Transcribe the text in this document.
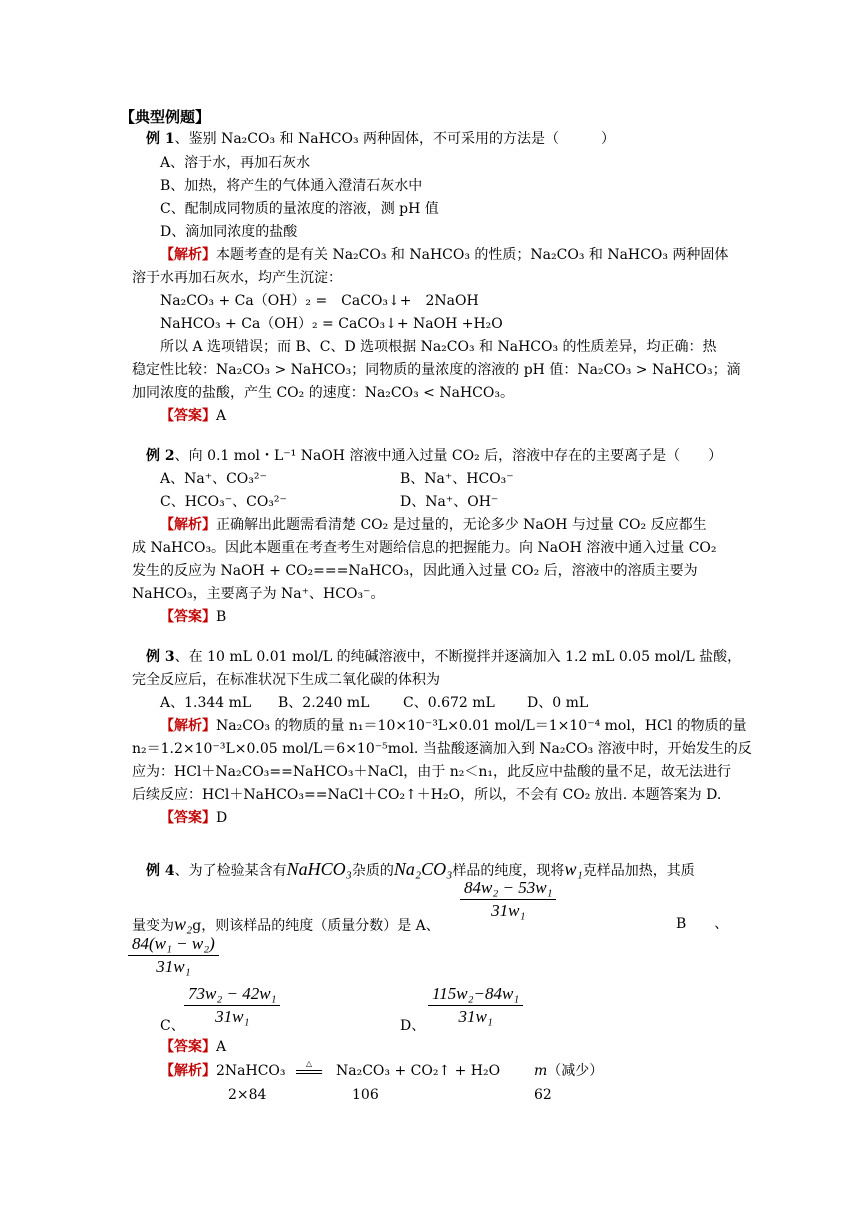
【典型例题】
例 1、鉴别 Na₂CO₃ 和 NaHCO₃ 两种固体，不可采用的方法是（　　　）
A、溶于水，再加石灰水
B、加热，将产生的气体通入澄清石灰水中
C、配制成同物质的量浓度的溶液，测 pH 值
D、滴加同浓度的盐酸
【解析】本题考查的是有关 Na₂CO₃ 和 NaHCO₃ 的性质；Na₂CO₃ 和 NaHCO₃ 两种固体
溶于水再加石灰水，均产生沉淀：
Na₂CO₃ + Ca（OH）₂ =　CaCO₃↓+　2NaOH
NaHCO₃ + Ca（OH）₂ = CaCO₃↓+ NaOH +H₂O
所以 A 选项错误；而 B、C、D 选项根据 Na₂CO₃ 和 NaHCO₃ 的性质差异，均正确：热
稳定性比较：Na₂CO₃ > NaHCO₃；同物质的量浓度的溶液的 pH 值：Na₂CO₃ > NaHCO₃；滴
加同浓度的盐酸，产生 CO₂ 的速度：Na₂CO₃ < NaHCO₃。
【答案】A
例 2、向 0.1 mol・L⁻¹ NaOH 溶液中通入过量 CO₂ 后，溶液中存在的主要离子是（　　）
A、Na⁺、CO₃²⁻	B、Na⁺、HCO₃⁻
C、HCO₃⁻、CO₃²⁻	D、Na⁺、OH⁻
【解析】正确解出此题需看清楚 CO₂ 是过量的，无论多少 NaOH 与过量 CO₂ 反应都生
成 NaHCO₃。因此本题重在考查考生对题给信息的把握能力。向 NaOH 溶液中通入过量 CO₂
发生的反应为 NaOH + CO₂===NaHCO₃，因此通入过量 CO₂ 后，溶液中的溶质主要为
NaHCO₃，主要离子为 Na⁺、HCO₃⁻。
【答案】B
例 3、在 10 mL 0.01 mol/L 的纯碱溶液中，不断搅拌并逐滴加入 1.2 mL 0.05 mol/L 盐酸，
完全反应后，在标准状况下生成二氧化碳的体积为
A、1.344 mL B、2.240 mL C、0.672 mL D、0 mL
【解析】Na₂CO₃ 的物质的量 n₁＝10×10⁻³L×0.01 mol/L＝1×10⁻⁴ mol，HCl 的物质的量
n₂＝1.2×10⁻³L×0.05 mol/L＝6×10⁻⁵mol. 当盐酸逐滴加入到 Na₂CO₃ 溶液中时，开始发生的反
应为：HCl＋Na₂CO₃==NaHCO₃＋NaCl，由于 n₂＜n₁，此反应中盐酸的量不足，故无法进行
后续反应：HCl＋NaHCO₃==NaCl＋CO₂↑＋H₂O，所以，不会有 CO₂ 放出. 本题答案为 D.
【答案】D
例 4、为了检验某含有NaHCO₃杂质的Na₂CO₃样品的纯度，现将w₁克样品加热，其质
$\frac{\text{84w₂ − 53w₁}}{\text{31w₁}}$
量变为w₂g，则该样品的纯度（质量分数）是 A、	B　　、
$\frac{\text{84(w₁ − w₂)}}{\text{31w₁}}$
$\frac{\text{73w₂ − 42w₁}}{\text{31w₁}}$
C、	$\frac{\text{115w₂−84w₁}}{\text{31w₁}}$
D、
【答案】A
【解析】2NaHCO₃	△	Na₂CO₃ + CO₂↑ + H₂O m（减少）
2×84	106	62
